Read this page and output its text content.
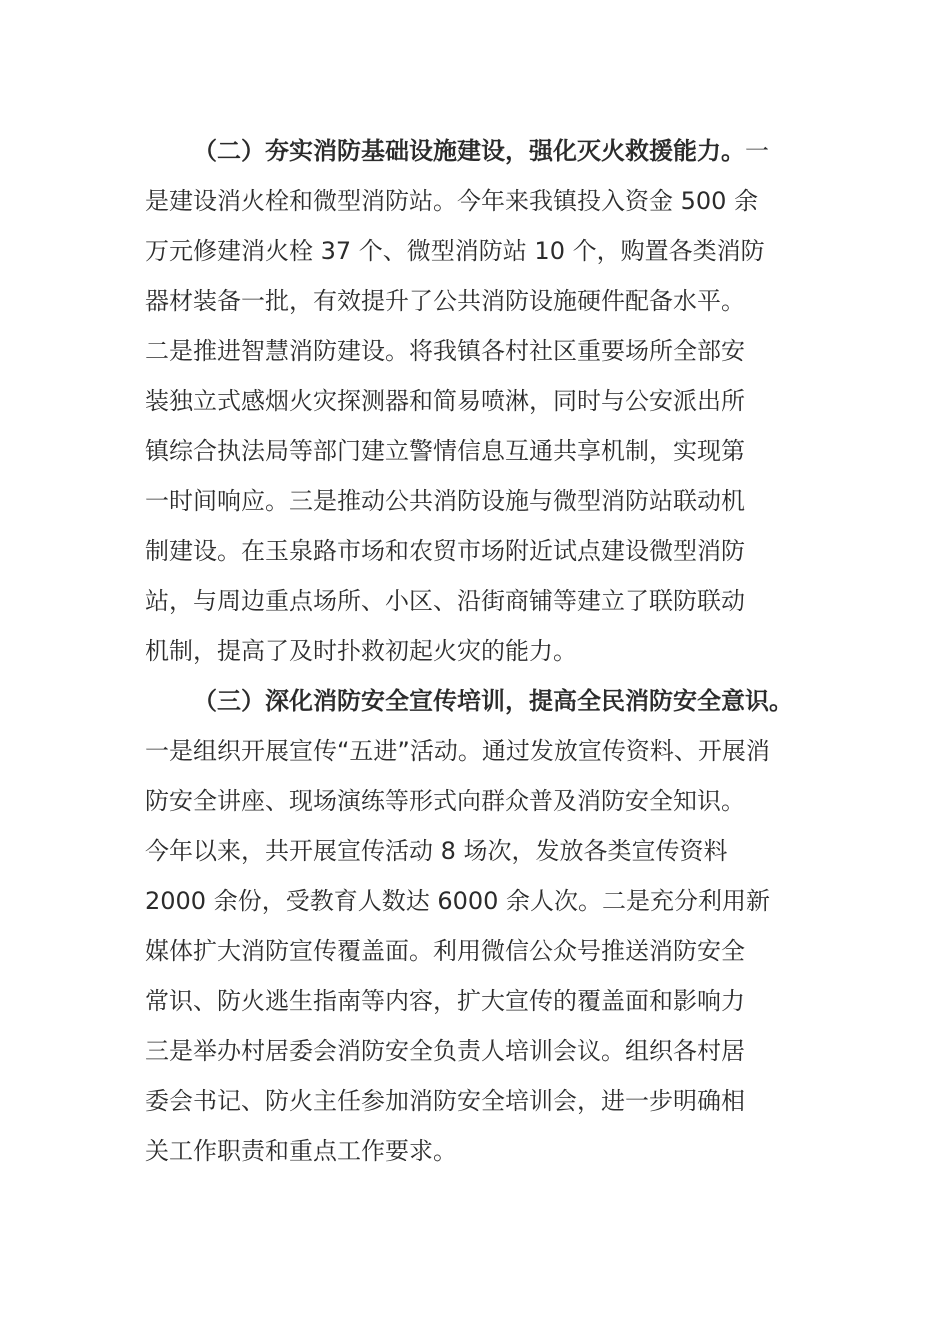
（二）夯实消防基础设施建设，强化灭火救援能力。一
是建设消火栓和微型消防站。今年来我镇投入资金 500 余
万元修建消火栓 37 个、微型消防站 10 个，购置各类消防
器材装备一批，有效提升了公共消防设施硬件配备水平。
二是推进智慧消防建设。将我镇各村社区重要场所全部安
装独立式感烟火灾探测器和简易喷淋，同时与公安派出所
镇综合执法局等部门建立警情信息互通共享机制，实现第
一时间响应。三是推动公共消防设施与微型消防站联动机
制建设。在玉泉路市场和农贸市场附近试点建设微型消防
站，与周边重点场所、小区、沿街商铺等建立了联防联动
机制，提高了及时扑救初起火灾的能力。
（三）深化消防安全宣传培训，提高全民消防安全意识。
一是组织开展宣传“五进”活动。通过发放宣传资料、开展消
防安全讲座、现场演练等形式向群众普及消防安全知识。
今年以来，共开展宣传活动 8 场次，发放各类宣传资料
2000 余份，受教育人数达 6000 余人次。二是充分利用新
媒体扩大消防宣传覆盖面。利用微信公众号推送消防安全
常识、防火逃生指南等内容，扩大宣传的覆盖面和影响力
三是举办村居委会消防安全负责人培训会议。组织各村居
委会书记、防火主任参加消防安全培训会，进一步明确相
关工作职责和重点工作要求。
